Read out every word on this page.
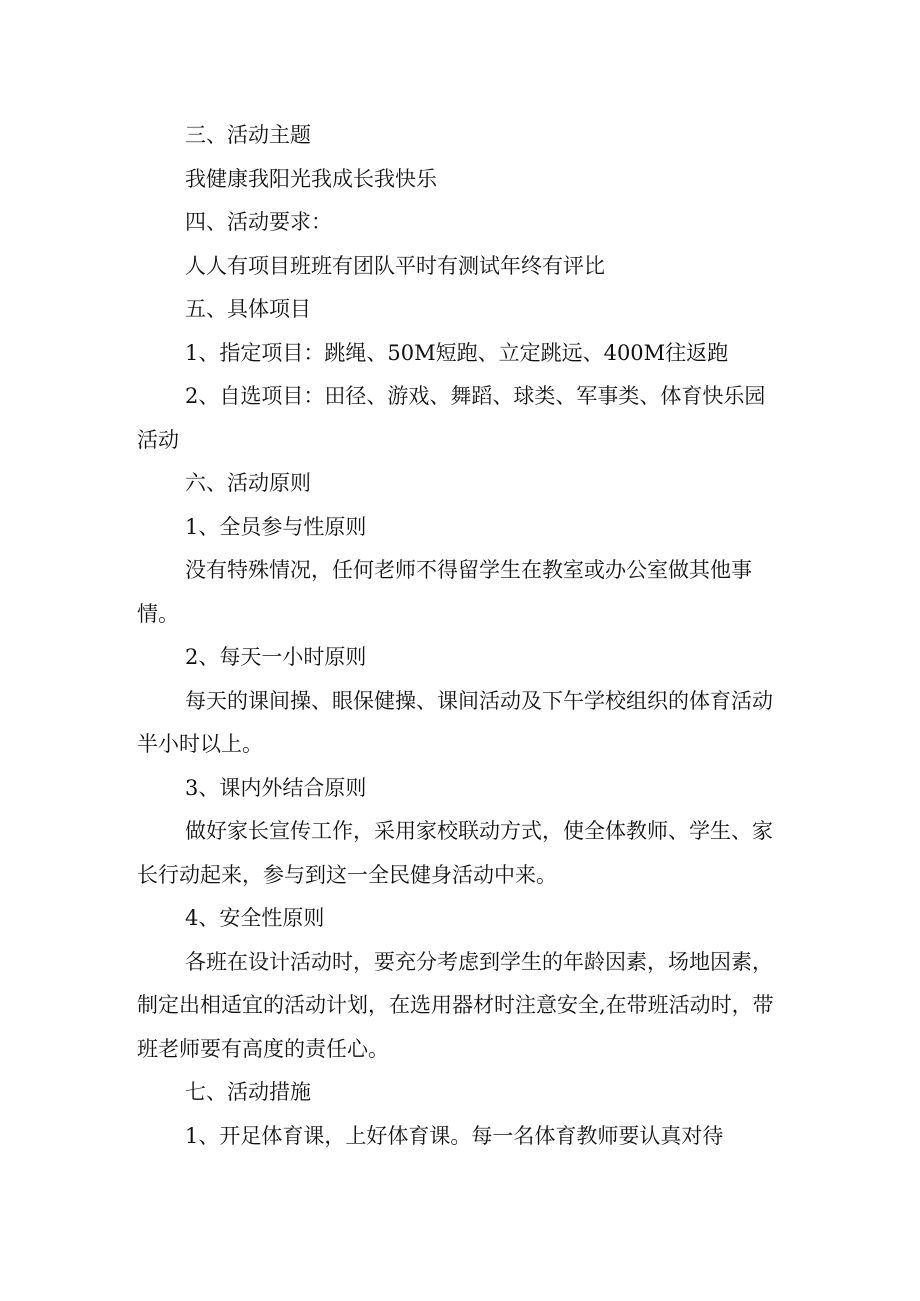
三、活动主题

我健康我阳光我成长我快乐

四、活动要求：

人人有项目班班有团队平时有测试年终有评比

五、具体项目

1、指定项目：跳绳、50M短跑、立定跳远、400M往返跑

2、自选项目：田径、游戏、舞蹈、球类、军事类、体育快乐园活动

六、活动原则

1、全员参与性原则

没有特殊情况，任何老师不得留学生在教室或办公室做其他事情。

2、每天一小时原则

每天的课间操、眼保健操、课间活动及下午学校组织的体育活动半小时以上。

3、课内外结合原则

做好家长宣传工作，采用家校联动方式，使全体教师、学生、家长行动起来，参与到这一全民健身活动中来。

4、安全性原则

各班在设计活动时，要充分考虑到学生的年龄因素，场地因素，制定出相适宜的活动计划，在选用器材时注意安全,在带班活动时，带班老师要有高度的责任心。

七、活动措施

1、开足体育课，上好体育课。每一名体育教师要认真对待
